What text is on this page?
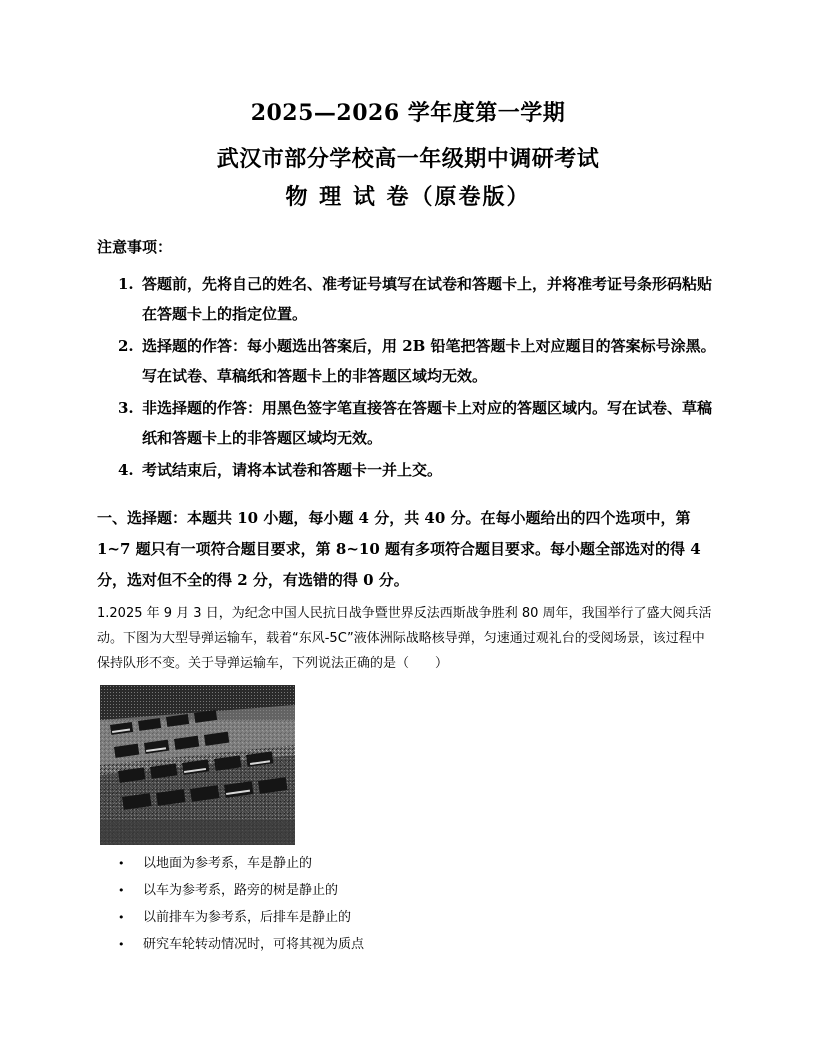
2025—2026 学年度第一学期
武汉市部分学校高一年级期中调研考试
物 理 试 卷（原卷版）
注意事项：
1. 答题前，先将自己的姓名、准考证号填写在试卷和答题卡上，并将准考证号条形码粘贴在答题卡上的指定位置。
2. 选择题的作答：每小题选出答案后，用 2B 铅笔把答题卡上对应题目的答案标号涂黑。写在试卷、草稿纸和答题卡上的非答题区域均无效。
3. 非选择题的作答：用黑色签字笔直接答在答题卡上对应的答题区域内。写在试卷、草稿纸和答题卡上的非答题区域均无效。
4. 考试结束后，请将本试卷和答题卡一并上交。
一、选择题：本题共 10 小题，每小题 4 分，共 40 分。在每小题给出的四个选项中，第 1~7 题只有一项符合题目要求，第 8~10 题有多项符合题目要求。每小题全部选对的得 4 分，选对但不全的得 2 分，有选错的得 0 分。
1.2025 年 9 月 3 日，为纪念中国人民抗日战争暨世界反法西斯战争胜利 80 周年，我国举行了盛大阅兵活动。下图为大型导弹运输车，载着“东风-5C”液体洲际战略核导弹，匀速通过观礼台的受阅场景，该过程中保持队形不变。关于导弹运输车，下列说法正确的是（　　）
• 以地面为参考系，车是静止的
• 以车为参考系，路旁的树是静止的
• 以前排车为参考系，后排车是静止的
• 研究车轮转动情况时，可将其视为质点
